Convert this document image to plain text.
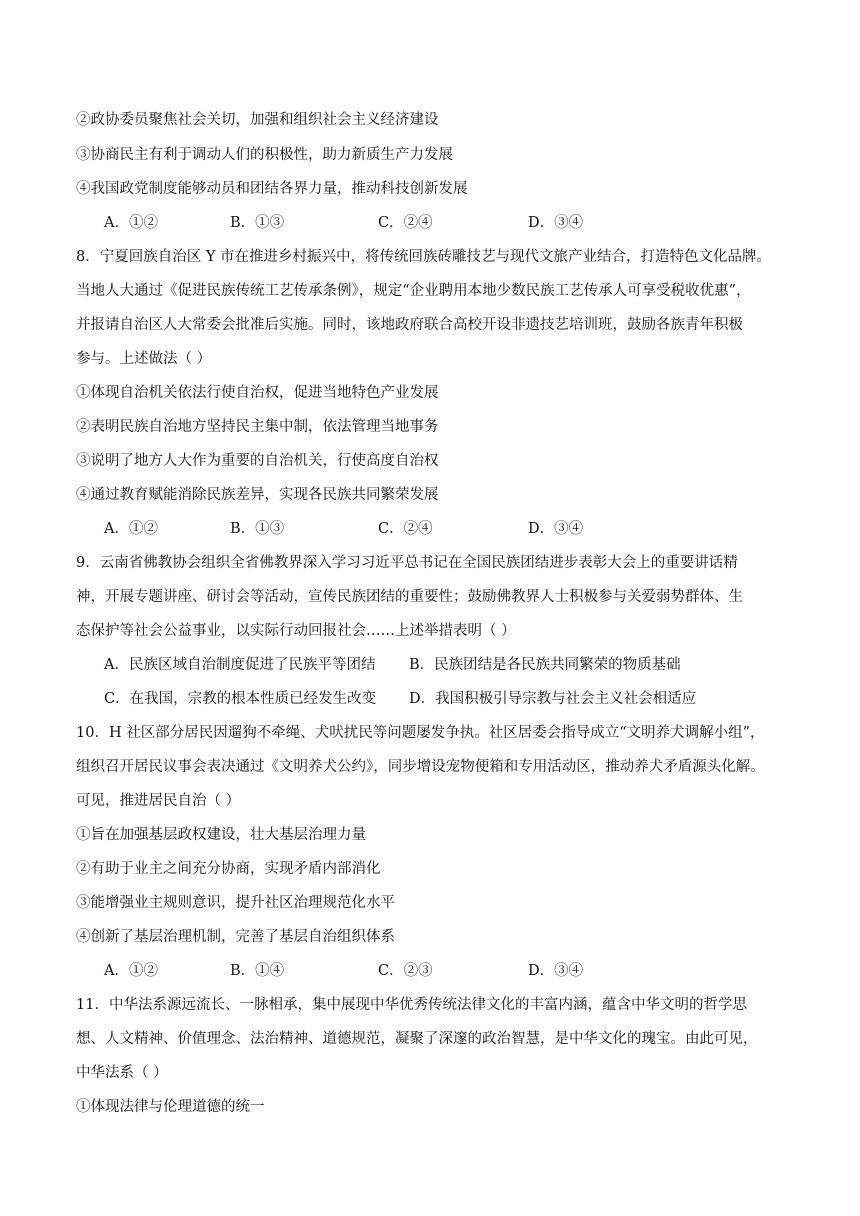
②政协委员聚焦社会关切，加强和组织社会主义经济建设
③协商民主有利于调动人们的积极性，助力新质生产力发展
④我国政党制度能够动员和团结各界力量，推动科技创新发展
A．①②	B．①③	C．②④	D．③④
8．宁夏回族自治区 Y 市在推进乡村振兴中，将传统回族砖雕技艺与现代文旅产业结合，打造特色文化品牌。
当地人大通过《促进民族传统工艺传承条例》，规定“企业聘用本地少数民族工艺传承人可享受税收优惠”，
并报请自治区人大常委会批准后实施。同时，该地政府联合高校开设非遗技艺培训班，鼓励各族青年积极
参与。上述做法（ ）
①体现自治机关依法行使自治权，促进当地特色产业发展
②表明民族自治地方坚持民主集中制，依法管理当地事务
③说明了地方人大作为重要的自治机关，行使高度自治权
④通过教育赋能消除民族差异，实现各民族共同繁荣发展
A．①②	B．①③	C．②④	D．③④
9．云南省佛教协会组织全省佛教界深入学习习近平总书记在全国民族团结进步表彰大会上的重要讲话精
神，开展专题讲座、研讨会等活动，宣传民族团结的重要性；鼓励佛教界人士积极参与关爱弱势群体、生
态保护等社会公益事业，以实际行动回报社会……上述举措表明（ ）
A．民族区域自治制度促进了民族平等团结 B．民族团结是各民族共同繁荣的物质基础
C．在我国，宗教的根本性质已经发生改变 D．我国积极引导宗教与社会主义社会相适应
10．H 社区部分居民因遛狗不牵绳、犬吠扰民等问题屡发争执。社区居委会指导成立“文明养犬调解小组”，
组织召开居民议事会表决通过《文明养犬公约》，同步增设宠物便箱和专用活动区，推动养犬矛盾源头化解。
可见，推进居民自治（ ）
①旨在加强基层政权建设，壮大基层治理力量
②有助于业主之间充分协商，实现矛盾内部消化
③能增强业主规则意识，提升社区治理规范化水平
④创新了基层治理机制，完善了基层自治组织体系
A．①②	B．①④	C．②③	D．③④
11．中华法系源远流长、一脉相承，集中展现中华优秀传统法律文化的丰富内涵，蕴含中华文明的哲学思
想、人文精神、价值理念、法治精神、道德规范，凝聚了深邃的政治智慧，是中华文化的瑰宝。由此可见，
中华法系（ ）
①体现法律与伦理道德的统一
